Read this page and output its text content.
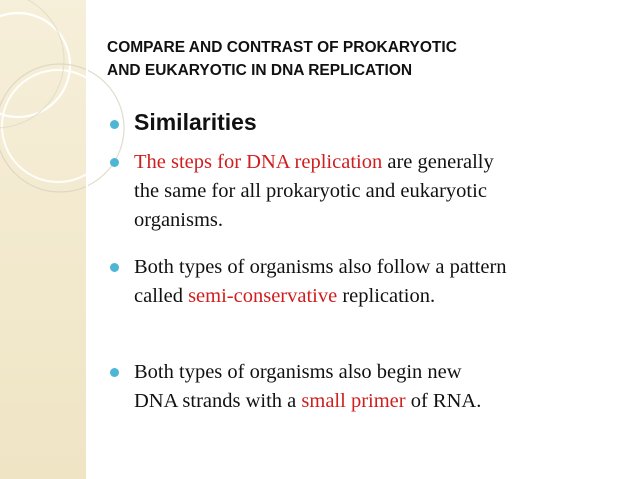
COMPARE AND CONTRAST OF PROKARYOTIC
AND EUKARYOTIC IN DNA REPLICATION
Similarities
The steps for DNA replication are generally
the same for all prokaryotic and eukaryotic
organisms.
Both types of organisms also follow a pattern
called semi-conservative replication.
Both types of organisms also begin new
DNA strands with a small primer of RNA.
